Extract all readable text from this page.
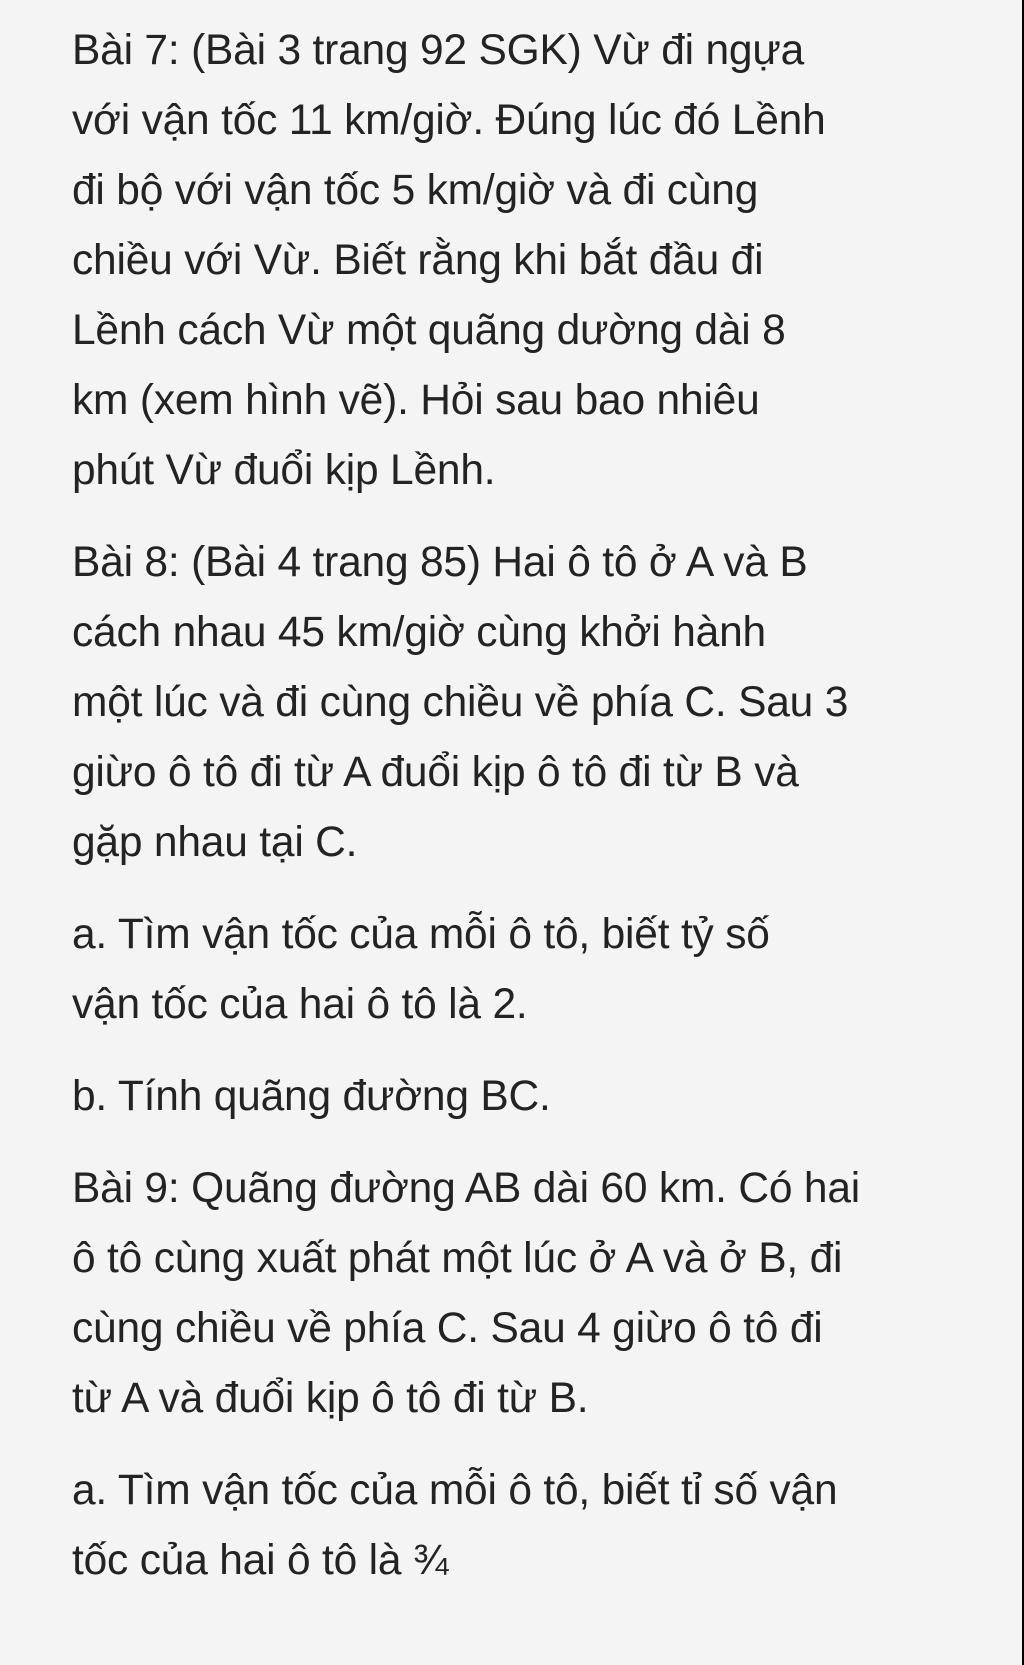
Bài 7: (Bài 3 trang 92 SGK) Vừ đi ngựa
với vận tốc 11 km/giờ. Đúng lúc đó Lềnh
đi bộ với vận tốc 5 km/giờ và đi cùng
chiều với Vừ. Biết rằng khi bắt đầu đi
Lềnh cách Vừ một quãng dường dài 8
km (xem hình vẽ). Hỏi sau bao nhiêu
phút Vừ đuổi kịp Lềnh.

Bài 8: (Bài 4 trang 85) Hai ô tô ở A và B
cách nhau 45 km/giờ cùng khởi hành
một lúc và đi cùng chiều về phía C. Sau 3
giừo ô tô đi từ A đuổi kịp ô tô đi từ B và
gặp nhau tại C.

a. Tìm vận tốc của mỗi ô tô, biết tỷ số
vận tốc của hai ô tô là 2.

b. Tính quãng đường BC.

Bài 9: Quãng đường AB dài 60 km. Có hai
ô tô cùng xuất phát một lúc ở A và ở B, đi
cùng chiều về phía C. Sau 4 giừo ô tô đi
từ A và đuổi kịp ô tô đi từ B.

a. Tìm vận tốc của mỗi ô tô, biết tỉ số vận
tốc của hai ô tô là ¾
